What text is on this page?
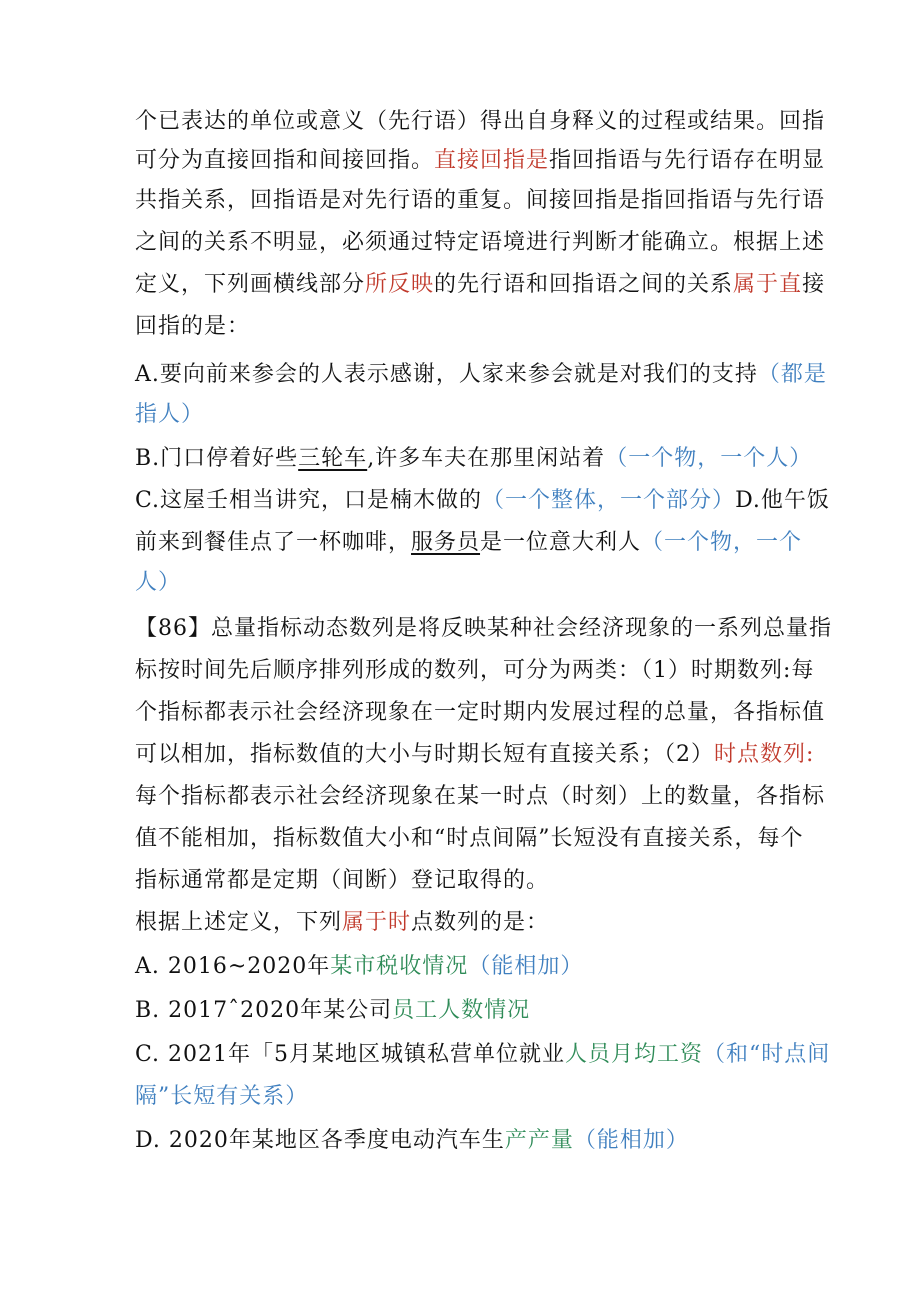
个已表达的单位或意义（先行语）得出自身释义的过程或结果。回指
可分为直接回指和间接回指。直接回指是指回指语与先行语存在明显
共指关系，回指语是对先行语的重复。间接回指是指回指语与先行语
之间的关系不明显，必须通过特定语境进行判断才能确立。根据上述
定义，下列画横线部分所反映的先行语和回指语之间的关系属于直接
回指的是：
A.要向前来参会的人表示感谢，人家来参会就是对我们的支持（都是
指人）
B.门口停着好些三轮车,许多车夫在那里闲站着（一个物，一个人）
C.这屋壬相当讲究，口是楠木做的（一个整体，一个部分）D.他午饭
前来到餐佳点了一杯咖啡，服务员是一位意大利人（一个物，一个
人）
【86】总量指标动态数列是将反映某种社会经济现象的一系列总量指
标按时间先后顺序排列形成的数列，可分为两类：（1）时期数列:每
个指标都表示社会经济现象在一定时期内发展过程的总量，各指标值
可以相加，指标数值的大小与时期长短有直接关系；（2）时点数列:
每个指标都表示社会经济现象在某一时点（时刻）上的数量，各指标
值不能相加，指标数值大小和“时点间隔”长短没有直接关系，每个
指标通常都是定期（间断）登记取得的。
根据上述定义，下列属于时点数列的是：
A. 2016~2020年某市税收情况（能相加）
B. 2017ˆ2020年某公司员工人数情况
C. 2021年「5月某地区城镇私营单位就业人员月均工资（和“时点间
隔”长短有关系）
D. 2020年某地区各季度电动汽车生产产量（能相加）
